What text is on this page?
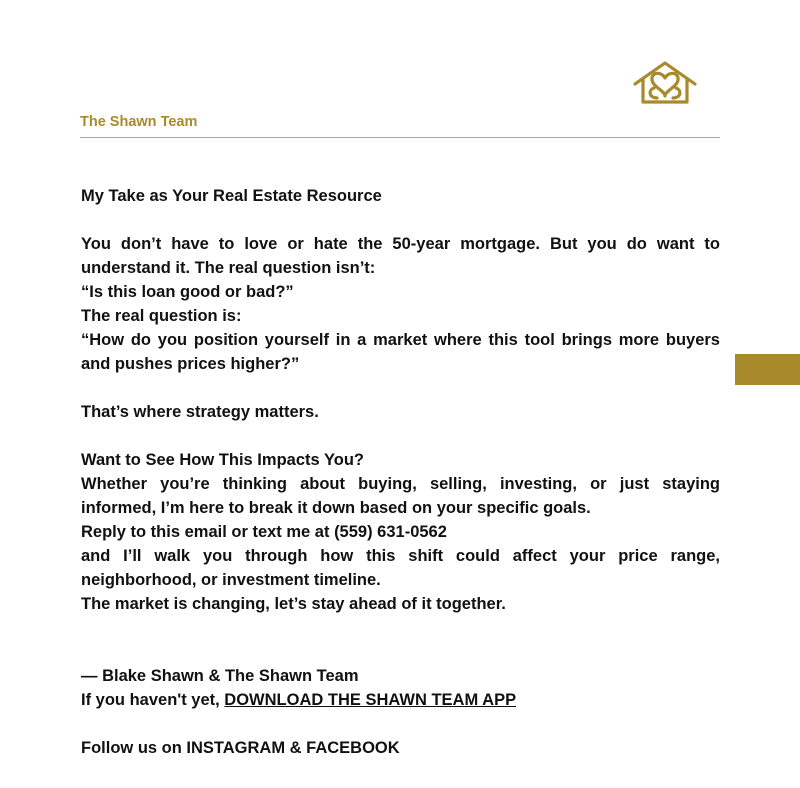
The Shawn Team

My Take as Your Real Estate Resource

You don’t have to love or hate the 50-year mortgage. But you do want to understand it. The real question isn’t:

“Is this loan good or bad?”

The real question is:

“How do you position yourself in a market where this tool brings more buyers and pushes prices higher?”

That’s where strategy matters.

Want to See How This Impacts You?

Whether you’re thinking about buying, selling, investing, or just staying informed, I’m here to break it down based on your specific goals.

Reply to this email or text me at (559) 631-0562

and I’ll walk you through how this shift could affect your price range, neighborhood, or investment timeline.

The market is changing, let’s stay ahead of it together.

— Blake Shawn & The Shawn Team

If you haven't yet, DOWNLOAD THE SHAWN TEAM APP

Follow us on INSTAGRAM & FACEBOOK
